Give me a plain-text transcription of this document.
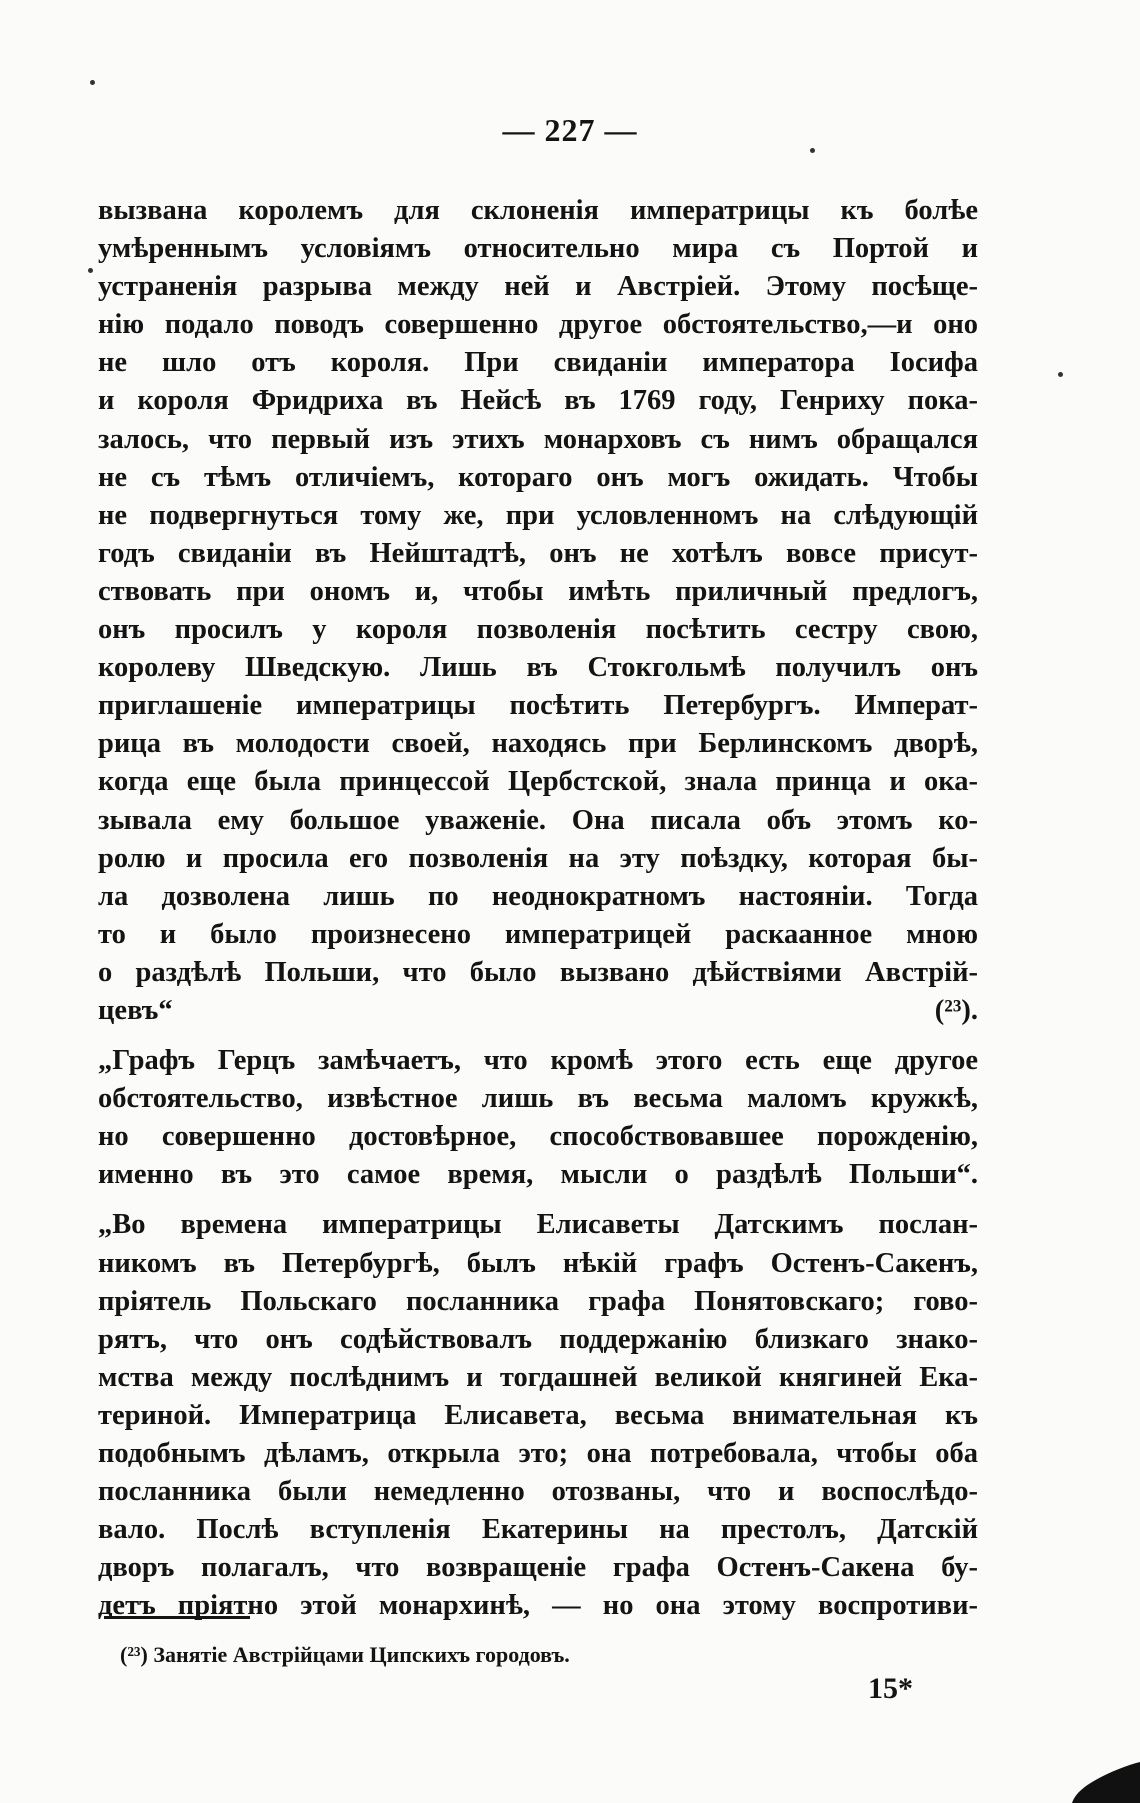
— 227 —
вызвана королемъ для склоненія императрицы къ болѣе
умѣреннымъ условіямъ относительно мира съ Портой и
устраненія разрыва между ней и Австріей. Этому посѣще-
нію подало поводъ совершенно другое обстоятельство,—и оно
не шло отъ короля. При свиданіи императора Іосифа
и короля Фридриха въ Нейсѣ въ 1769 году, Генриху пока-
залось, что первый изъ этихъ монарховъ съ нимъ обращался
не съ тѣмъ отличіемъ, котораго онъ могъ ожидать. Чтобы
не подвергнуться тому же, при условленномъ на слѣдующій
годъ свиданіи въ Нейштадтѣ, онъ не хотѣлъ вовсе присут-
ствовать при ономъ и, чтобы имѣть приличный предлогъ,
онъ просилъ у короля позволенія посѣтить сестру свою,
королеву Шведскую. Лишь въ Стокгольмѣ получилъ онъ
приглашеніе императрицы посѣтить Петербургъ. Императ-
рица въ молодости своей, находясь при Берлинскомъ дворѣ,
когда еще была принцессой Цербстской, знала принца и ока-
зывала ему большое уваженіе. Она писала объ этомъ ко-
ролю и просила его позволенія на эту поѣздку, которая бы-
ла дозволена лишь по неоднократномъ настояніи. Тогда
то и было произнесено императрицей раскаанное мною
о раздѣлѣ Польши, что было вызвано дѣйствіями Австрій-
цевъ“ (²³).
„Графъ Герцъ замѣчаетъ, что кромѣ этого есть еще другое
обстоятельство, извѣстное лишь въ весьма маломъ кружкѣ,
но совершенно достовѣрное, способствовавшее порожденію,
именно въ это самое время, мысли о раздѣлѣ Польши“.
„Во времена императрицы Елисаветы Датскимъ послан-
никомъ въ Петербургѣ, былъ нѣкій графъ Остенъ-Сакенъ,
пріятель Польскаго посланника графа Понятовскаго; гово-
рятъ, что онъ содѣйствовалъ поддержанію близкаго знако-
мства между послѣднимъ и тогдашней великой княгиней Ека-
териной. Императрица Елисавета, весьма внимательная къ
подобнымъ дѣламъ, открыла это; она потребовала, чтобы оба
посланника были немедленно отозваны, что и воспослѣдо-
вало. Послѣ вступленія Екатерины на престолъ, Датскій
дворъ полагалъ, что возвращеніе графа Остенъ-Сакена бу-
детъ пріятно этой монархинѣ, — но она этому воспротиви-
(²³) Занятіе Австрійцами Ципскихъ городовъ.
15*
